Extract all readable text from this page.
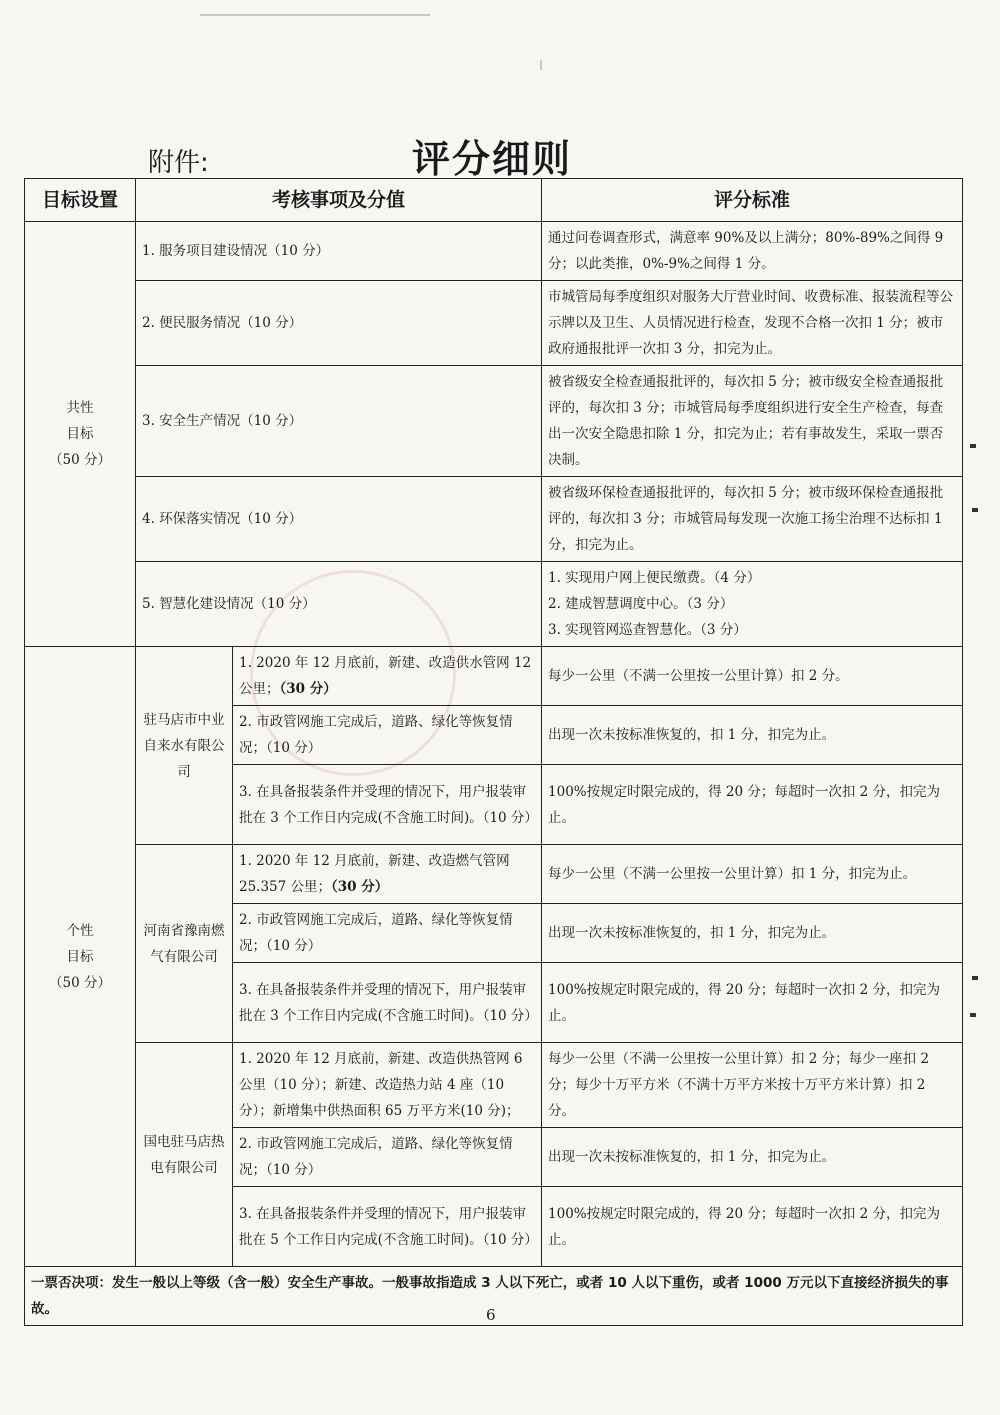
附件:	评分细则
目标设置	考核事项及分值		评分标准

共性
目标
（50 分）	1. 服务项目建设情况（10 分）		通过问卷调查形式，满意率 90%及以上满分；80%-89%之间得 9 分；以此类推，0%-9%之间得 1 分。
	2. 便民服务情况（10 分）		市城管局每季度组织对服务大厅营业时间、收费标准、报装流程等公示牌以及卫生、人员情况进行检查，发现不合格一次扣 1 分；被市政府通报批评一次扣 3 分，扣完为止。
	3. 安全生产情况（10 分）		被省级安全检查通报批评的，每次扣 5 分；被市级安全检查通报批评的，每次扣 3 分；市城管局每季度组织进行安全生产检查，每查出一次安全隐患扣除 1 分，扣完为止；若有事故发生，采取一票否决制。
	4. 环保落实情况（10 分）		被省级环保检查通报批评的，每次扣 5 分；被市级环保检查通报批评的，每次扣 3 分；市城管局每发现一次施工扬尘治理不达标扣 1 分，扣完为止。
	5. 智慧化建设情况（10 分）		1. 实现用户网上便民缴费。（4 分）
2. 建成智慧调度中心。（3 分）
3. 实现管网巡查智慧化。（3 分）

个性
目标
（50 分）	驻马店市中业自来水有限公司	1. 2020 年 12 月底前，新建、改造供水管网 12 公里；（30 分）	每少一公里（不满一公里按一公里计算）扣 2 分。
		2. 市政管网施工完成后，道路、绿化等恢复情况；（10 分）	出现一次未按标准恢复的，扣 1 分，扣完为止。
		3. 在具备报装条件并受理的情况下，用户报装审批在 3 个工作日内完成(不含施工时间)。（10 分）	100%按规定时限完成的，得 20 分；每超时一次扣 2 分，扣完为止。
	河南省豫南燃气有限公司	1. 2020 年 12 月底前，新建、改造燃气管网 25.357 公里；（30 分）	每少一公里（不满一公里按一公里计算）扣 1 分，扣完为止。
		2. 市政管网施工完成后，道路、绿化等恢复情况；（10 分）	出现一次未按标准恢复的，扣 1 分，扣完为止。
		3. 在具备报装条件并受理的情况下，用户报装审批在 3 个工作日内完成(不含施工时间)。（10 分）	100%按规定时限完成的，得 20 分；每超时一次扣 2 分，扣完为止。
	国电驻马店热电有限公司	1. 2020 年 12 月底前，新建、改造供热管网 6 公里（10 分）；新建、改造热力站 4 座（10 分）；新增集中供热面积 65 万平方米(10 分)；	每少一公里（不满一公里按一公里计算）扣 2 分；每少一座扣 2 分；每少十万平方米（不满十万平方米按十万平方米计算）扣 2 分。
		2. 市政管网施工完成后，道路、绿化等恢复情况；（10 分）	出现一次未按标准恢复的，扣 1 分，扣完为止。
		3. 在具备报装条件并受理的情况下，用户报装审批在 5 个工作日内完成(不含施工时间)。（10 分）	100%按规定时限完成的，得 20 分；每超时一次扣 2 分，扣完为止。
一票否决项：发生一般以上等级（含一般）安全生产事故。一般事故指造成 3 人以下死亡，或者 10 人以下重伤，或者 1000 万元以下直接经济损失的事故。				6
